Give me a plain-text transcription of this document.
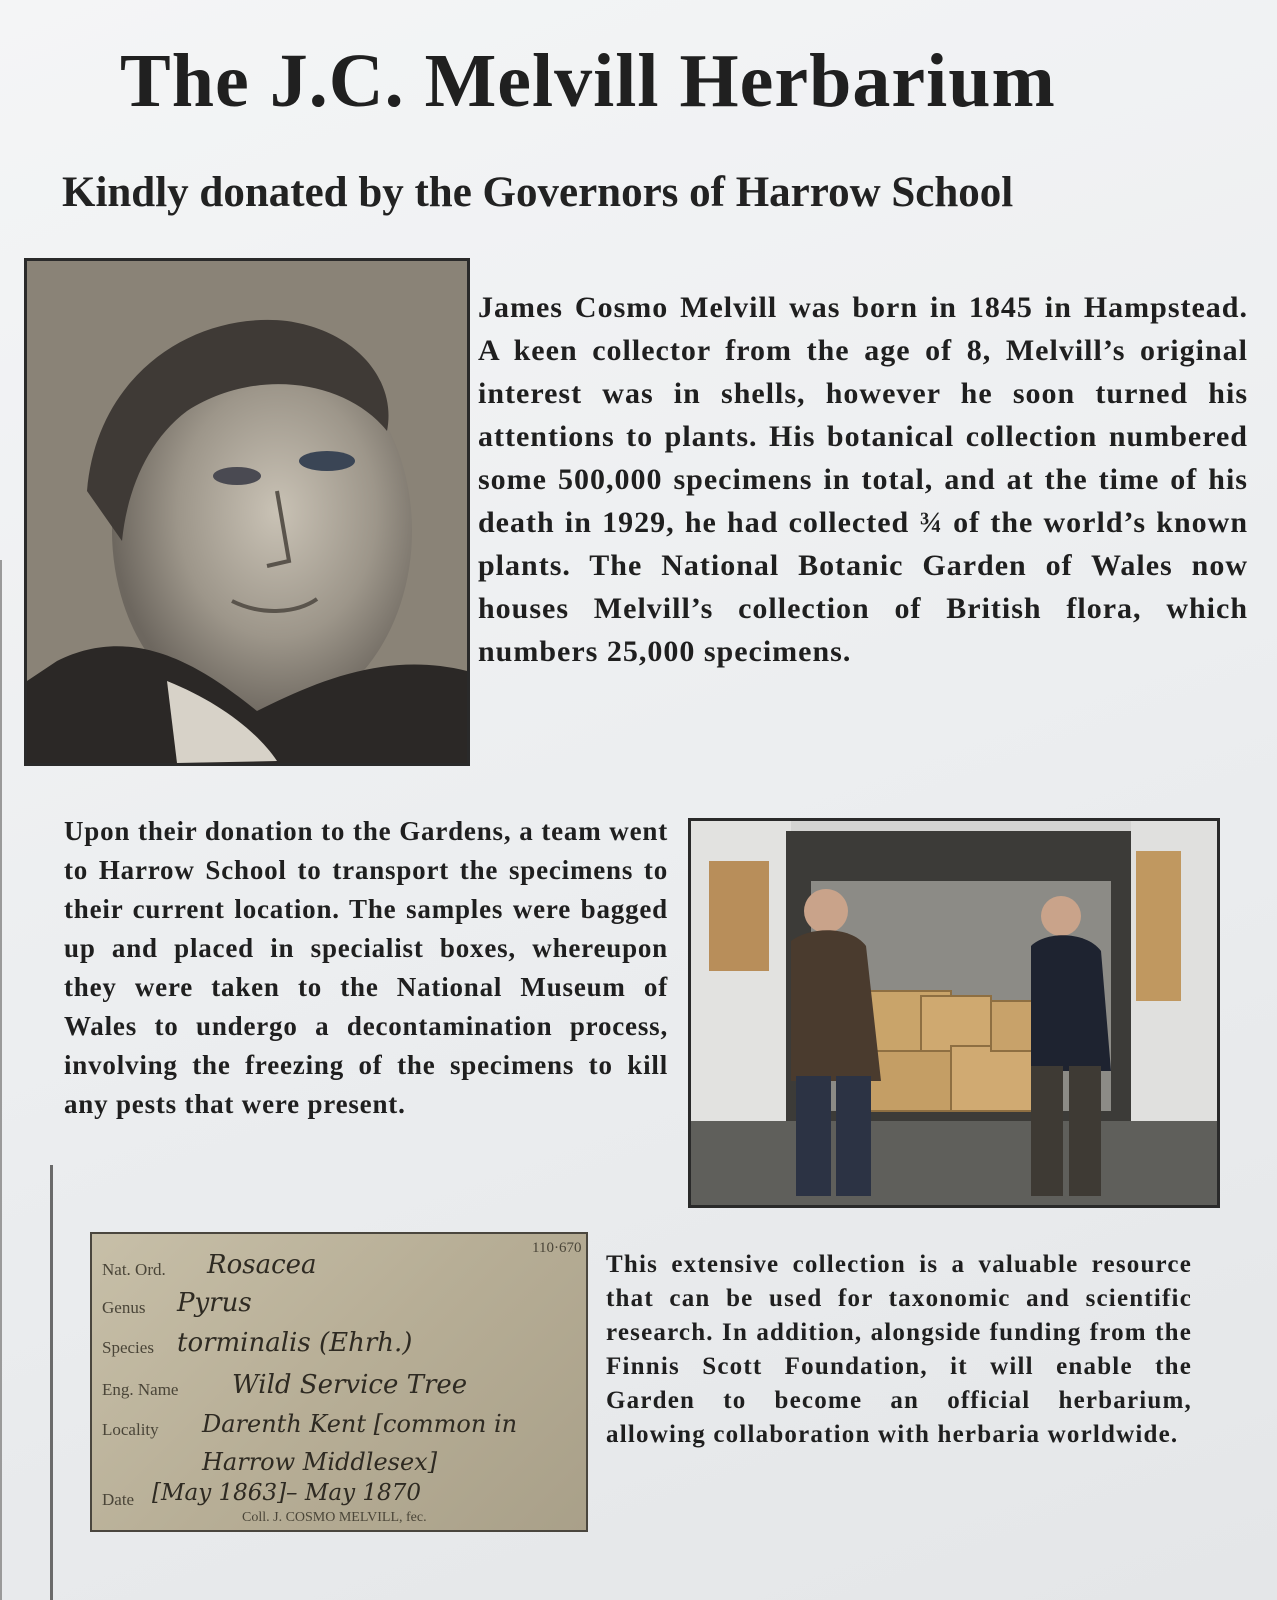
The J.C. Melvill Herbarium
Kindly donated by the Governors of Harrow School

James Cosmo Melvill was born in 1845 in Hampstead. A keen collector from the age of 8, Melvill’s original interest was in shells, however he soon turned his attentions to plants. His botanical collection numbered some 500,000 specimens in total, and at the time of his death in 1929, he had collected ¾ of the world’s known plants. The National Botanic Garden of Wales now houses Melvill’s collection of British flora, which numbers 25,000 specimens.

Upon their donation to the Gardens, a team went to Harrow School to transport the specimens to their current location. The samples were bagged up and placed in specialist boxes, whereupon they were taken to the National Museum of Wales to undergo a decontamination process, involving the freezing of the specimens to kill any pests that were present.

110·670
Nat. Ord. Rosacea
Genus Pyrus
Species torminalis (Ehrh.)
Eng. Name Wild Service Tree
Locality Darenth Kent [common in
Harrow Middlesex]
Date [May 1863]– May 1870
Coll. J. COSMO MELVILL, fec.

This extensive collection is a valuable resource that can be used for taxonomic and scientific research. In addition, alongside funding from the Finnis Scott Foundation, it will enable the Garden to become an official herbarium, allowing collaboration with herbaria worldwide.
